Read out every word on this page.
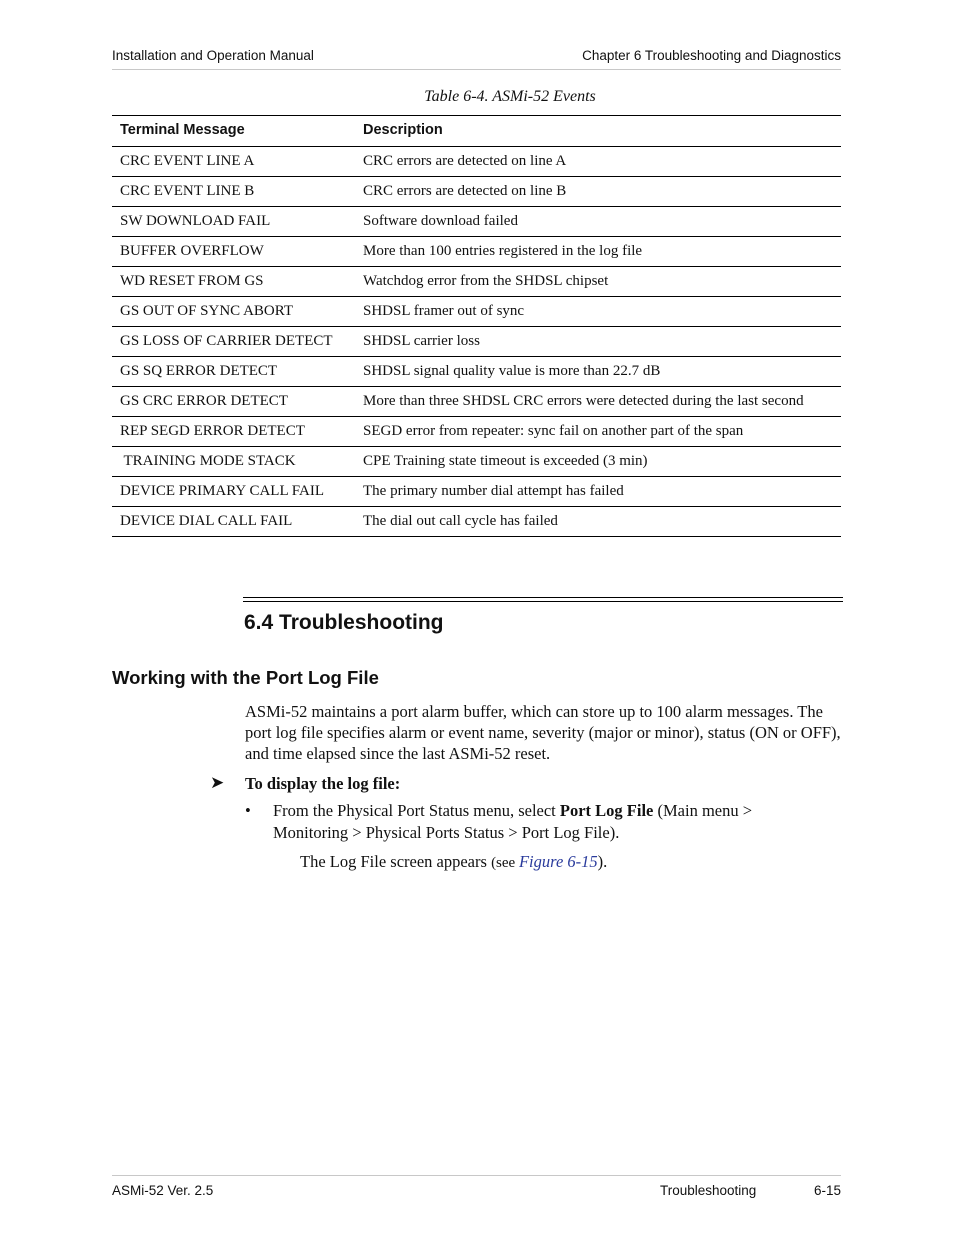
Installation and Operation Manual	Chapter 6 Troubleshooting and Diagnostics
Table 6-4. ASMi-52 Events
Terminal Message	Description
CRC EVENT LINE A	CRC errors are detected on line A
CRC EVENT LINE B	CRC errors are detected on line B
SW DOWNLOAD FAIL	Software download failed
BUFFER OVERFLOW	More than 100 entries registered in the log file
WD RESET FROM GS	Watchdog error from the SHDSL chipset
GS OUT OF SYNC ABORT	SHDSL framer out of sync
GS LOSS OF CARRIER DETECT	SHDSL carrier loss
GS SQ ERROR DETECT	SHDSL signal quality value is more than 22.7 dB
GS CRC ERROR DETECT	More than three SHDSL CRC errors were detected during the last second
REP SEGD ERROR DETECT	SEGD error from repeater: sync fail on another part of the span
TRAINING MODE STACK	CPE Training state timeout is exceeded (3 min)
DEVICE PRIMARY CALL FAIL	The primary number dial attempt has failed
DEVICE DIAL CALL FAIL	The dial out call cycle has failed
6.4 Troubleshooting
Working with the Port Log File

ASMi-52 maintains a port alarm buffer, which can store up to 100 alarm messages. The port log file specifies alarm or event name, severity (major or minor), status (ON or OFF), and time elapsed since the last ASMi-52 reset.

➤ To display the log file:
• From the Physical Port Status menu, select Port Log File (Main menu > Monitoring > Physical Ports Status > Port Log File).
The Log File screen appears (see Figure 6-15).
ASMi-52 Ver. 2.5	Troubleshooting	6-15
